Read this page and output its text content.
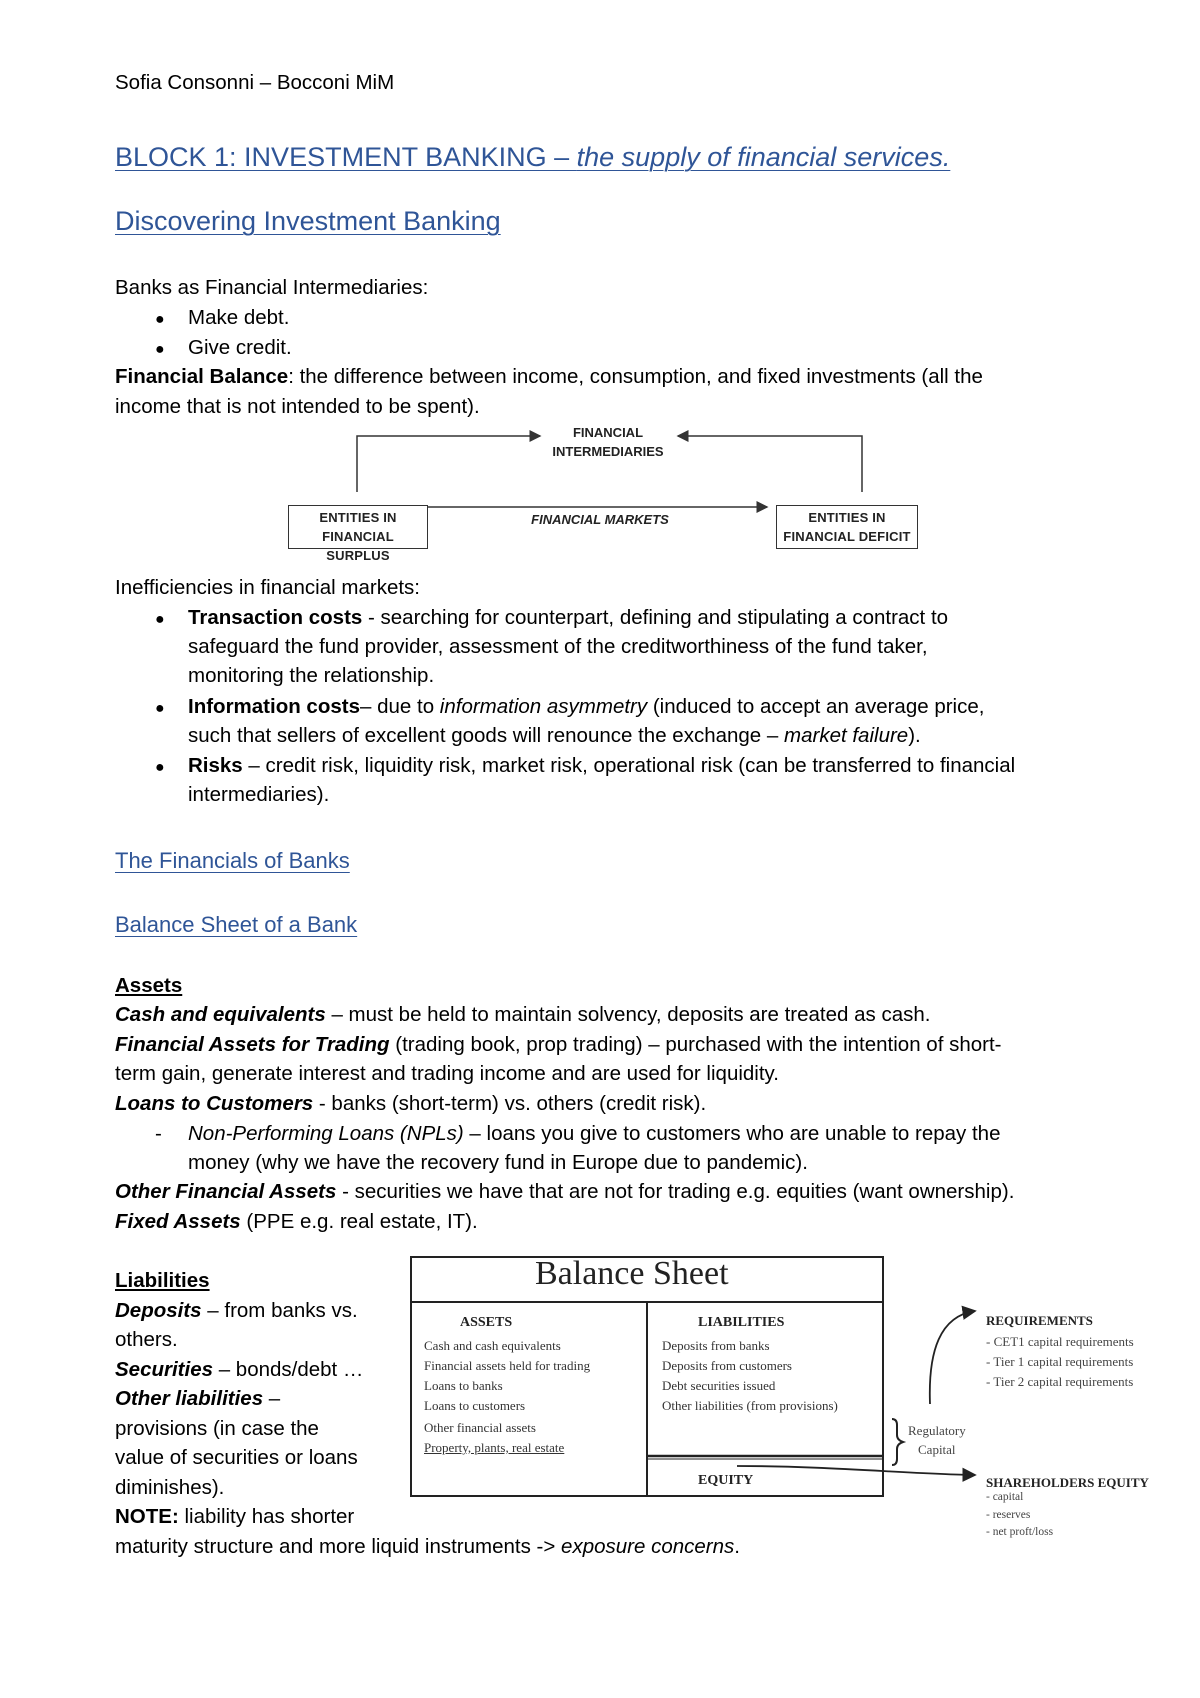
Sofia Consonni – Bocconi MiM
BLOCK 1: INVESTMENT BANKING – the supply of financial services.
Discovering Investment Banking
Banks as Financial Intermediaries:
● Make debt.
● Give credit.
Financial Balance: the difference between income, consumption, and fixed investments (all the
income that is not intended to be spent).
FINANCIAL
INTERMEDIARIES
ENTITIES IN
FINANCIAL SURPLUS
ENTITIES IN
FINANCIAL DEFICIT
FINANCIAL MARKETS
Inefficiencies in financial markets:
● Transaction costs - searching for counterpart, defining and stipulating a contract to
safeguard the fund provider, assessment of the creditworthiness of the fund taker,
monitoring the relationship.
● Information costs– due to information asymmetry (induced to accept an average price,
such that sellers of excellent goods will renounce the exchange – market failure).
● Risks – credit risk, liquidity risk, market risk, operational risk (can be transferred to financial
intermediaries).
The Financials of Banks
Balance Sheet of a Bank
Assets
Cash and equivalents – must be held to maintain solvency, deposits are treated as cash.
Financial Assets for Trading (trading book, prop trading) – purchased with the intention of short-
term gain, generate interest and trading income and are used for liquidity.
Loans to Customers - banks (short-term) vs. others (credit risk).
- Non-Performing Loans (NPLs) – loans you give to customers who are unable to repay the
money (why we have the recovery fund in Europe due to pandemic).
Other Financial Assets - securities we have that are not for trading e.g. equities (want ownership).
Fixed Assets (PPE e.g. real estate, IT).
Liabilities
Deposits – from banks vs.
others.
Securities – bonds/debt …
Other liabilities –
provisions (in case the
value of securities or loans
diminishes).
NOTE: liability has shorter
maturity structure and more liquid instruments -> exposure concerns.
Balance Sheet
ASSETS	LIABILITIES
EQUITY
Cash and cash equivalents
Financial assets held for trading
Loans to banks
Loans to customers
Other financial assets
Property, plants, real estate
Deposits from banks
Deposits from customers
Debt securities issued
Other liabilities (from provisions)
Regulatory
Capital
REQUIREMENTS
- CET1 capital requirements
- Tier 1 capital requirements
- Tier 2 capital requirements
SHAREHOLDERS EQUITY
- capital
- reserves
- net proft/loss
